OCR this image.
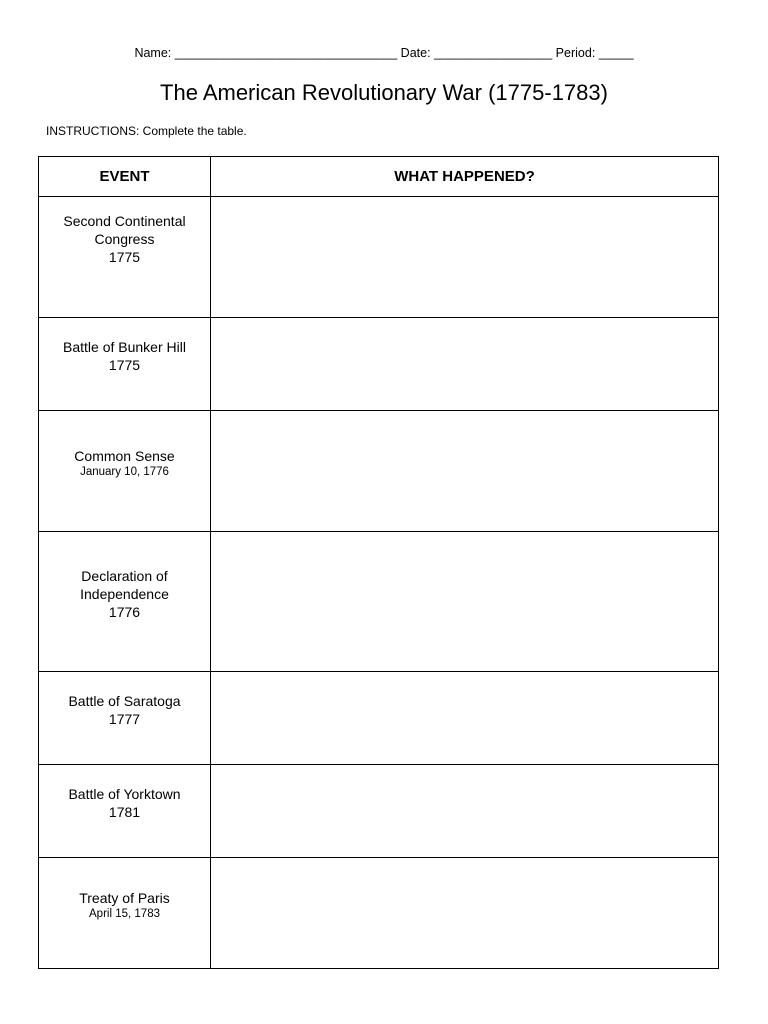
Name: ________________________________ Date: _________________ Period: _____
The American Revolutionary War (1775-1783)
INSTRUCTIONS: Complete the table.
EVENT	WHAT HAPPENED?

Second Continental Congress
1775	

Battle of Bunker Hill
1775	

Common Sense
January 10, 1776	

Declaration of Independence
1776	

Battle of Saratoga
1777	

Battle of Yorktown
1781	

Treaty of Paris
April 15, 1783	
